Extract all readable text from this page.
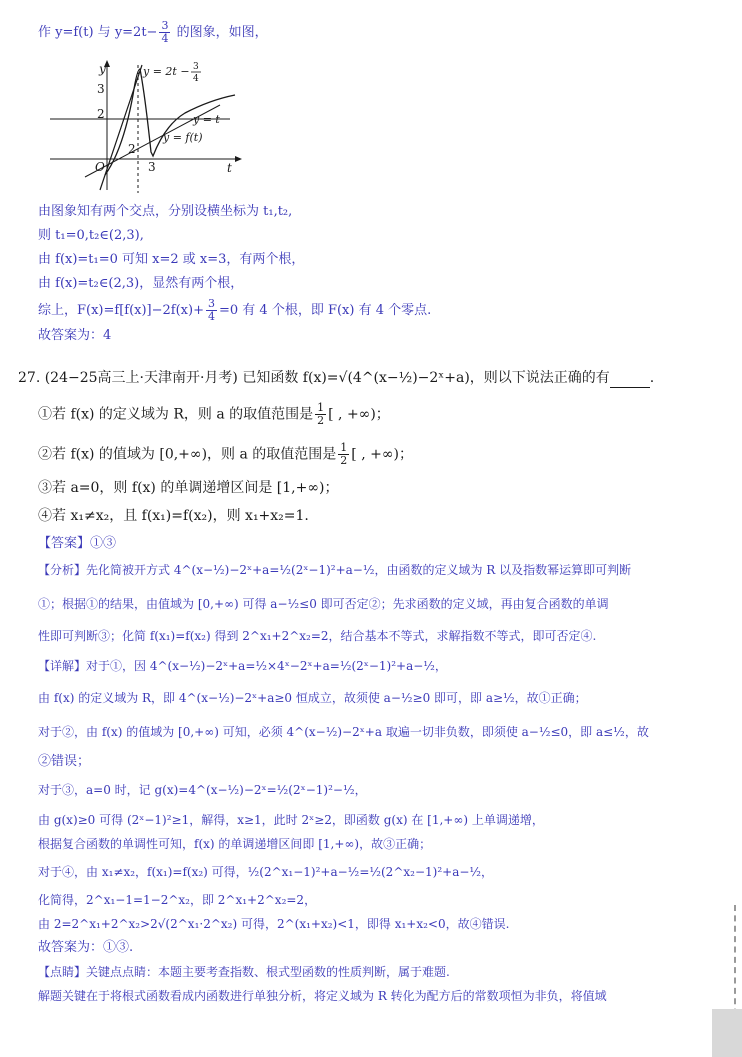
作 y=f(t) 与 $y=2t- \frac{3}{4}$ 的图象，如图，
y
t
O
3
2
2
3
y = 2t − 3
4
y = t
y = f(t)
由图象知有两个交点，分别设横坐标为 t₁,t₂,
则 t₁=0,t₂∈(2,3),
由 f(x)=t₁=0 可知 x=2 或 x=3，有两个根，
由 f(x)=t₂∈(2,3)，显然有两个根，
综上，$F(x)=f[f(x)]-2f(x)+ \frac{3}{4} =0$ 有 4 个根，即 F(x) 有 4 个零点.
故答案为：4
27. (24−25高三上·天津南开·月考) 已知函数 f(x)=√(4^(x−½)−2ˣ+a)，则以下说法正确的有	.
①若 f(x) 的定义域为 R，则 a 的取值范围是 $\frac{1}{2}$ [ , +∞)；
②若 f(x) 的值域为 [0,+∞)，则 a 的取值范围是 $\frac{1}{2}$ [ , +∞)；
③若 a=0，则 f(x) 的单调递增区间是 [1,+∞)；
④若 x₁≠x₂，且 f(x₁)=f(x₂)，则 x₁+x₂=1.
【答案】①③
【分析】先化简被开方式 4^(x−½)−2ˣ+a=½(2ˣ−1)²+a−½，由函数的定义域为 R 以及指数幂运算即可判断
①；根据①的结果，由值域为 [0,+∞) 可得 a−½≤0 即可否定②；先求函数的定义域，再由复合函数的单调
性即可判断③；化简 f(x₁)=f(x₂) 得到 2^x₁+2^x₂=2，结合基本不等式，求解指数不等式，即可否定④.
【详解】对于①，因 4^(x−½)−2ˣ+a=½×4ˣ−2ˣ+a=½(2ˣ−1)²+a−½，
由 f(x) 的定义域为 R，即 4^(x−½)−2ˣ+a≥0 恒成立，故须使 a−½≥0 即可，即 a≥½，故①正确；
对于②，由 f(x) 的值域为 [0,+∞) 可知，必须 4^(x−½)−2ˣ+a 取遍一切非负数，即须使 a−½≤0，即 a≤½，故
②错误；
对于③，a=0 时，记 g(x)=4^(x−½)−2ˣ=½(2ˣ−1)²−½，
由 g(x)≥0 可得 (2ˣ−1)²≥1，解得，x≥1，此时 2ˣ≥2，即函数 g(x) 在 [1,+∞) 上单调递增，
根据复合函数的单调性可知，f(x) 的单调递增区间即 [1,+∞)，故③正确；
对于④，由 x₁≠x₂，f(x₁)=f(x₂) 可得，½(2^x₁−1)²+a−½=½(2^x₂−1)²+a−½，
化简得，2^x₁−1=1−2^x₂，即 2^x₁+2^x₂=2，
由 2=2^x₁+2^x₂>2√(2^x₁·2^x₂) 可得，2^(x₁+x₂)<1，即得 x₁+x₂<0，故④错误.
故答案为：①③.
【点睛】关键点点睛：本题主要考查指数、根式型函数的性质判断，属于难题.
解题关键在于将根式函数看成内函数进行单独分析，将定义域为 R 转化为配方后的常数项恒为非负，将值域
